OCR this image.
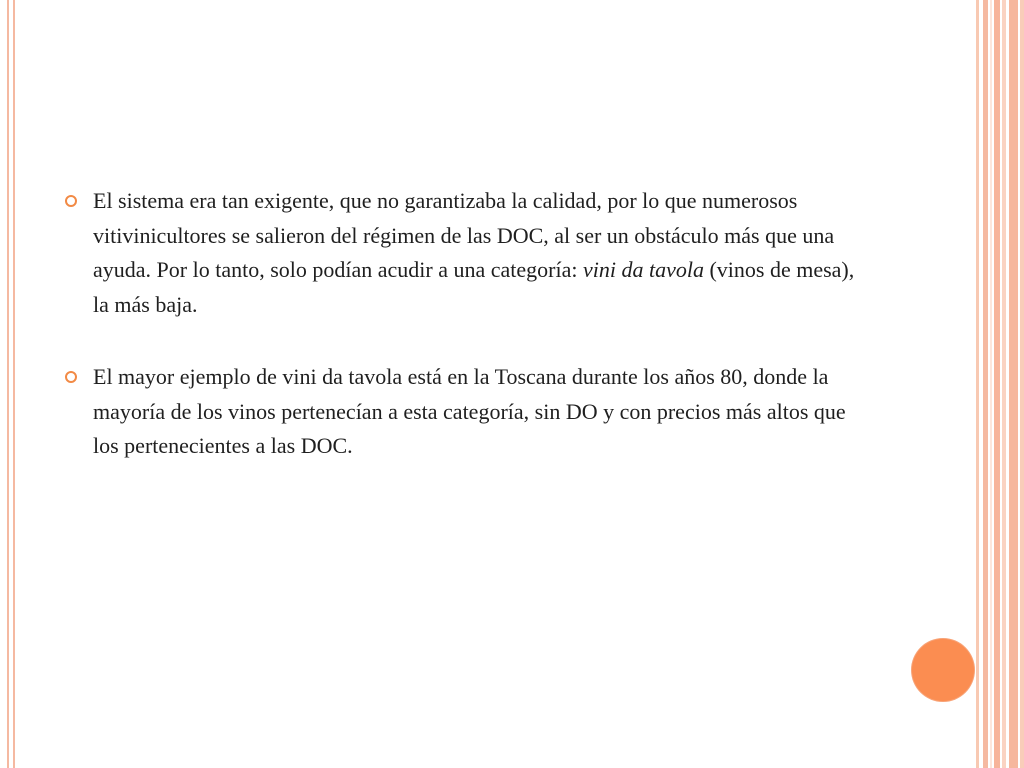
El sistema era tan exigente, que no garantizaba la calidad, por lo que numerosos vitivinicultores se salieron del régimen de las DOC, al ser un obstáculo más que una ayuda. Por lo tanto, solo podían acudir a una categoría: vini da tavola (vinos de mesa), la más baja.
El mayor ejemplo de vini da tavola está en la Toscana durante los años 80, donde la mayoría de los vinos pertenecían a esta categoría, sin DO y con precios más altos que los pertenecientes a las DOC.
